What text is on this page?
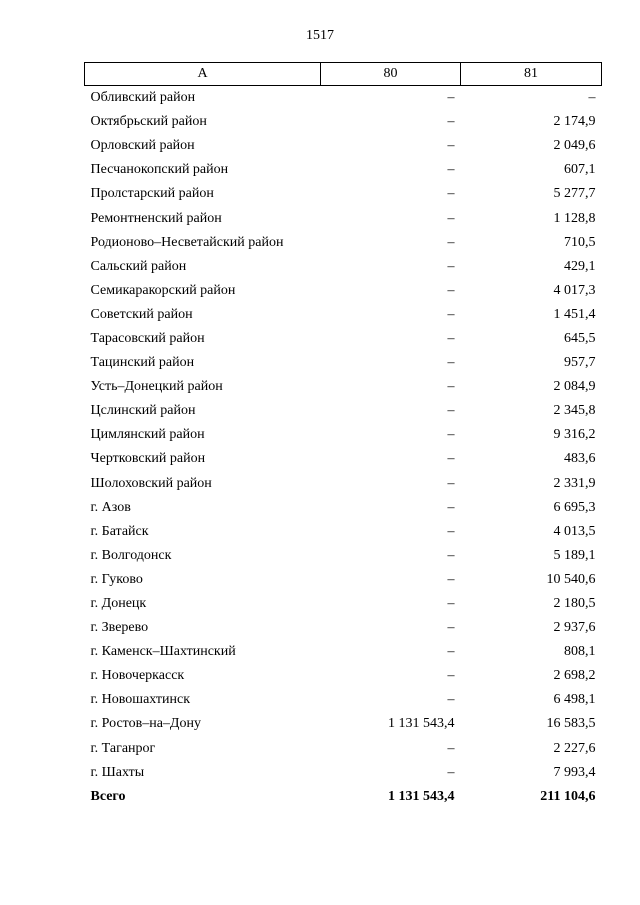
1517
А	80	81
Обливский район	–	–
Октябрьский район	–	2 174,9
Орловский район	–	2 049,6
Песчанокопский район	–	607,1
Пролстарский район	–	5 277,7
Ремонтненский район	–	1 128,8
Родионово–Несветайский район	–	710,5
Сальский район	–	429,1
Семикаракорский район	–	4 017,3
Советский район	–	1 451,4
Тарасовский район	–	645,5
Тацинский район	–	957,7
Усть–Донецкий район	–	2 084,9
Цслинский район	–	2 345,8
Цимлянский район	–	9 316,2
Чертковский район	–	483,6
Шолоховский район	–	2 331,9
г. Азов	–	6 695,3
г. Батайск	–	4 013,5
г. Волгодонск	–	5 189,1
г. Гуково	–	10 540,6
г. Донецк	–	2 180,5
г. Зверево	–	2 937,6
г. Каменск–Шахтинский	–	808,1
г. Новочеркасск	–	2 698,2
г. Новошахтинск	–	6 498,1
г. Ростов–на–Дону	1 131 543,4	16 583,5
г. Таганрог	–	2 227,6
г. Шахты	–	7 993,4
Всего	1 131 543,4	211 104,6
